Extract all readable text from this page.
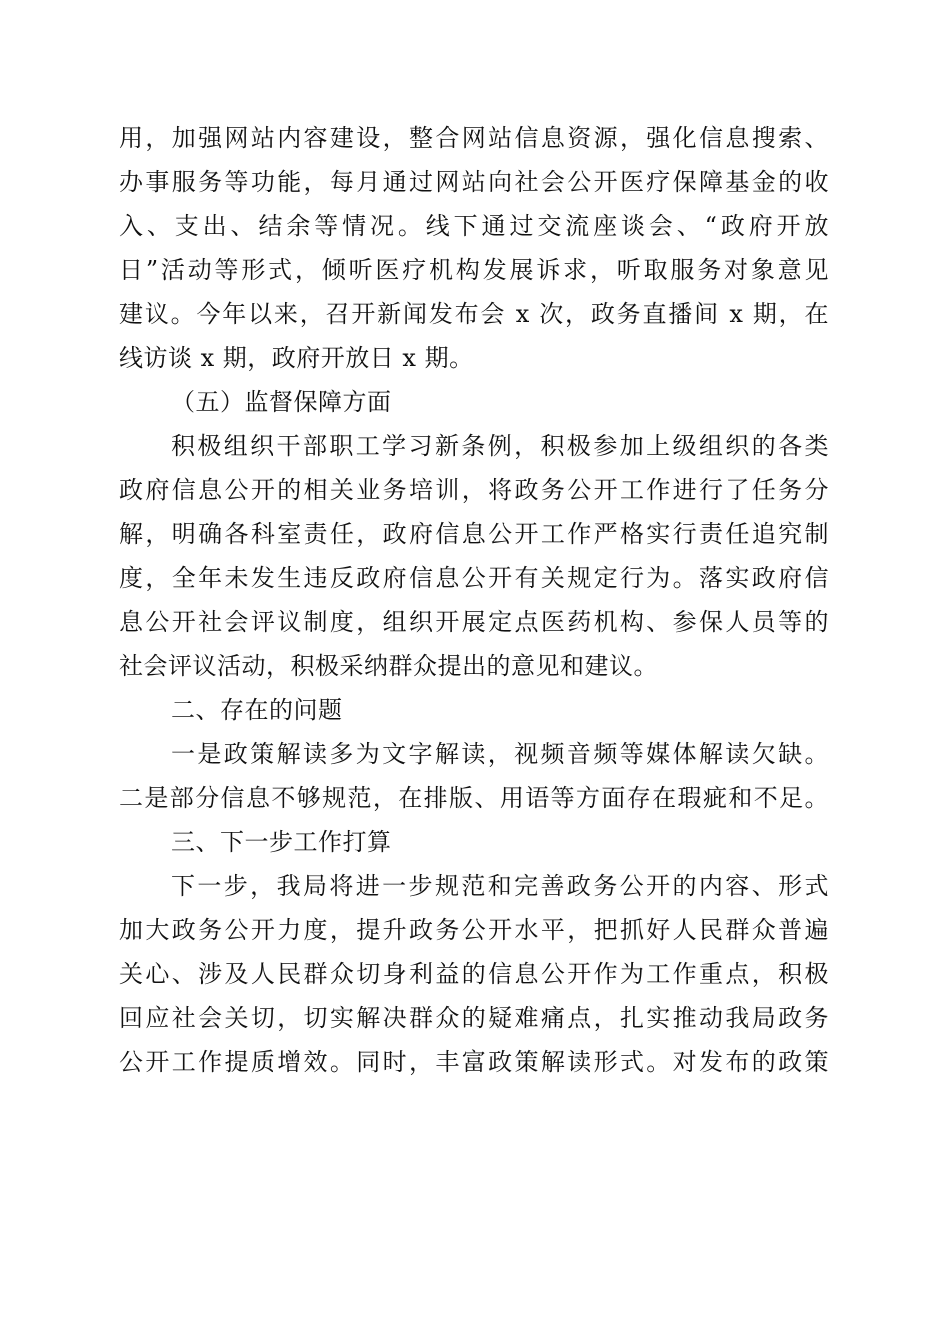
用，加强网站内容建设，整合网站信息资源，强化信息搜索、
办事服务等功能，每月通过网站向社会公开医疗保障基金的收
入、支出、结余等情况。线下通过交流座谈会、“政府开放
日”活动等形式，倾听医疗机构发展诉求，听取服务对象意见
建议。今年以来，召开新闻发布会 x 次，政务直播间 x 期，在
线访谈 x 期，政府开放日 x 期。
（五）监督保障方面
积极组织干部职工学习新条例，积极参加上级组织的各类
政府信息公开的相关业务培训，将政务公开工作进行了任务分
解，明确各科室责任，政府信息公开工作严格实行责任追究制
度，全年未发生违反政府信息公开有关规定行为。落实政府信
息公开社会评议制度，组织开展定点医药机构、参保人员等的
社会评议活动，积极采纳群众提出的意见和建议。
二、存在的问题
一是政策解读多为文字解读，视频音频等媒体解读欠缺。
二是部分信息不够规范，在排版、用语等方面存在瑕疵和不足。
三、下一步工作打算
下一步，我局将进一步规范和完善政务公开的内容、形式
加大政务公开力度，提升政务公开水平，把抓好人民群众普遍
关心、涉及人民群众切身利益的信息公开作为工作重点，积极
回应社会关切，切实解决群众的疑难痛点，扎实推动我局政务
公开工作提质增效。同时，丰富政策解读形式。对发布的政策
